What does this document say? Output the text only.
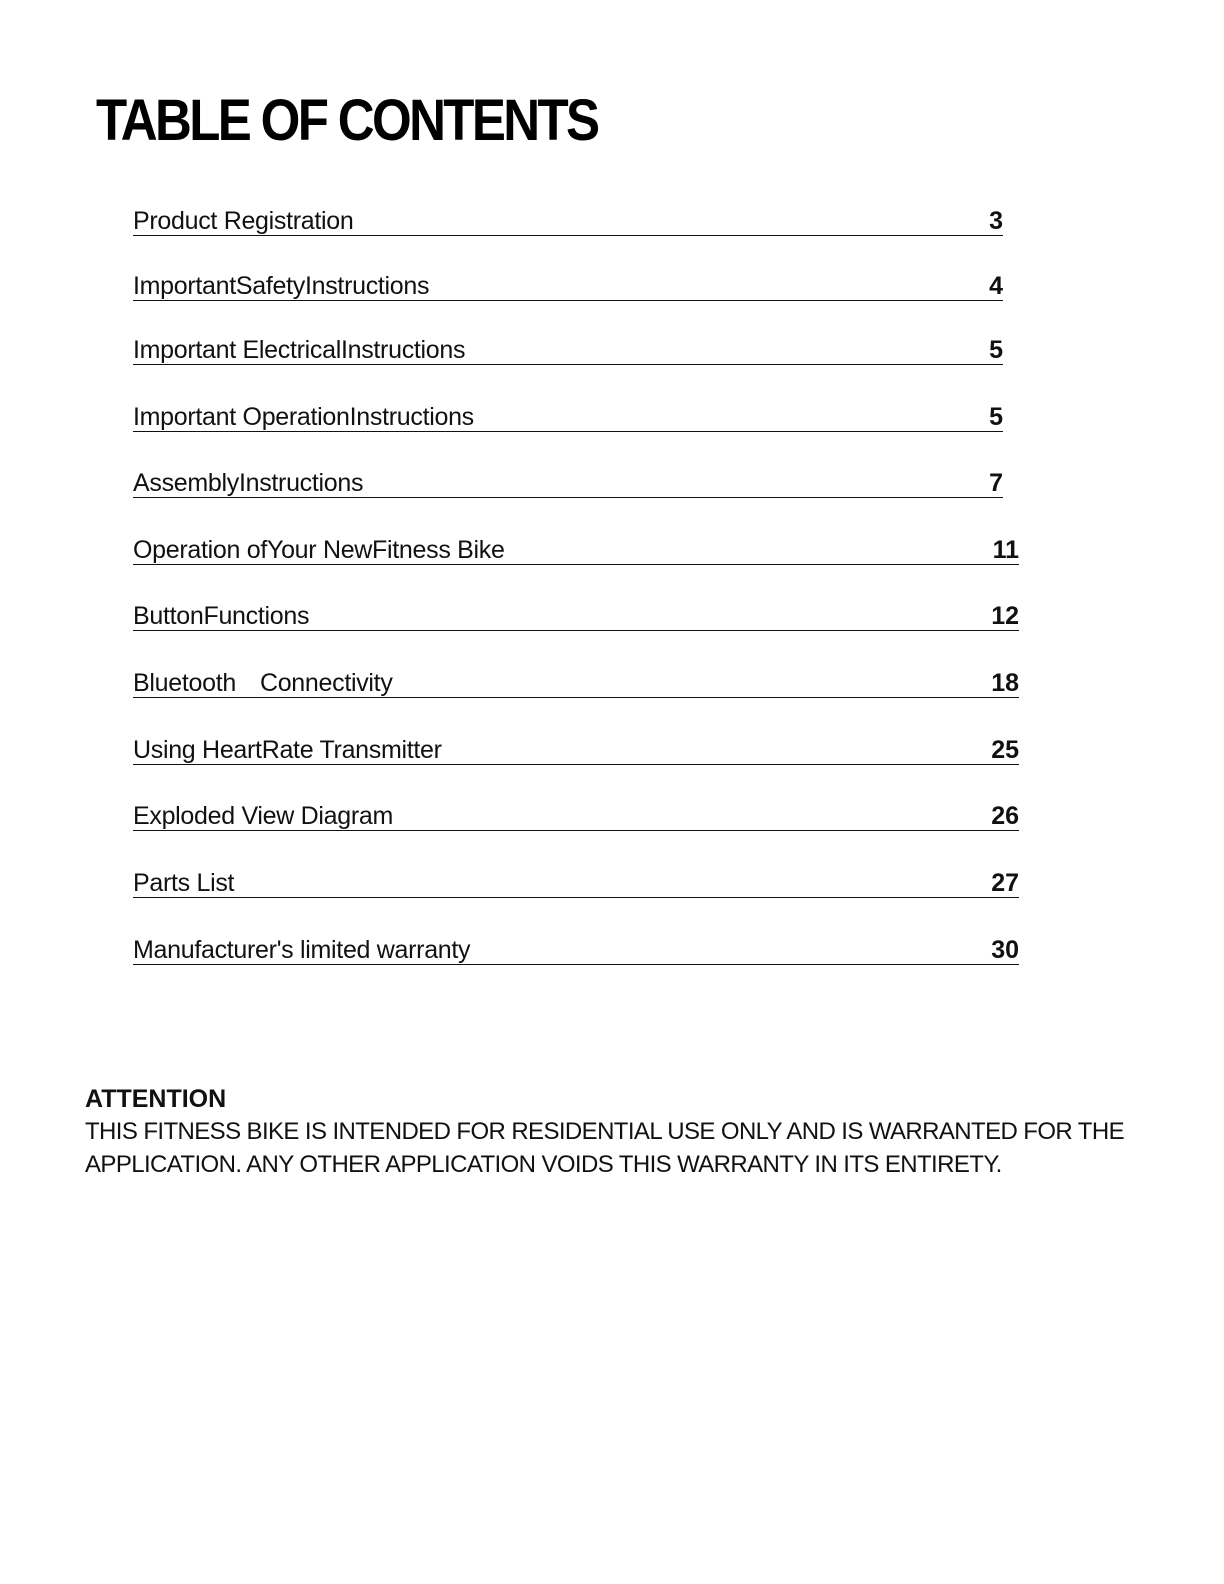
TABLE OF CONTENTS
Product Registration	3
ImportantSafetyInstructions	4
Important ElectricalInstructions	5
Important OperationInstructions	5
AssemblyInstructions	7
Operation ofYour NewFitness Bike	11
ButtonFunctions	12
Bluetooth Connectivity	18
Using HeartRate Transmitter	25
Exploded View Diagram	26
Parts List	27
Manufacturer's limited warranty	30

ATTENTION

THIS FITNESS BIKE IS INTENDED FOR RESIDENTIAL USE ONLY AND IS WARRANTED FOR THE
APPLICATION. ANY OTHER APPLICATION VOIDS THIS WARRANTY IN ITS ENTIRETY.
